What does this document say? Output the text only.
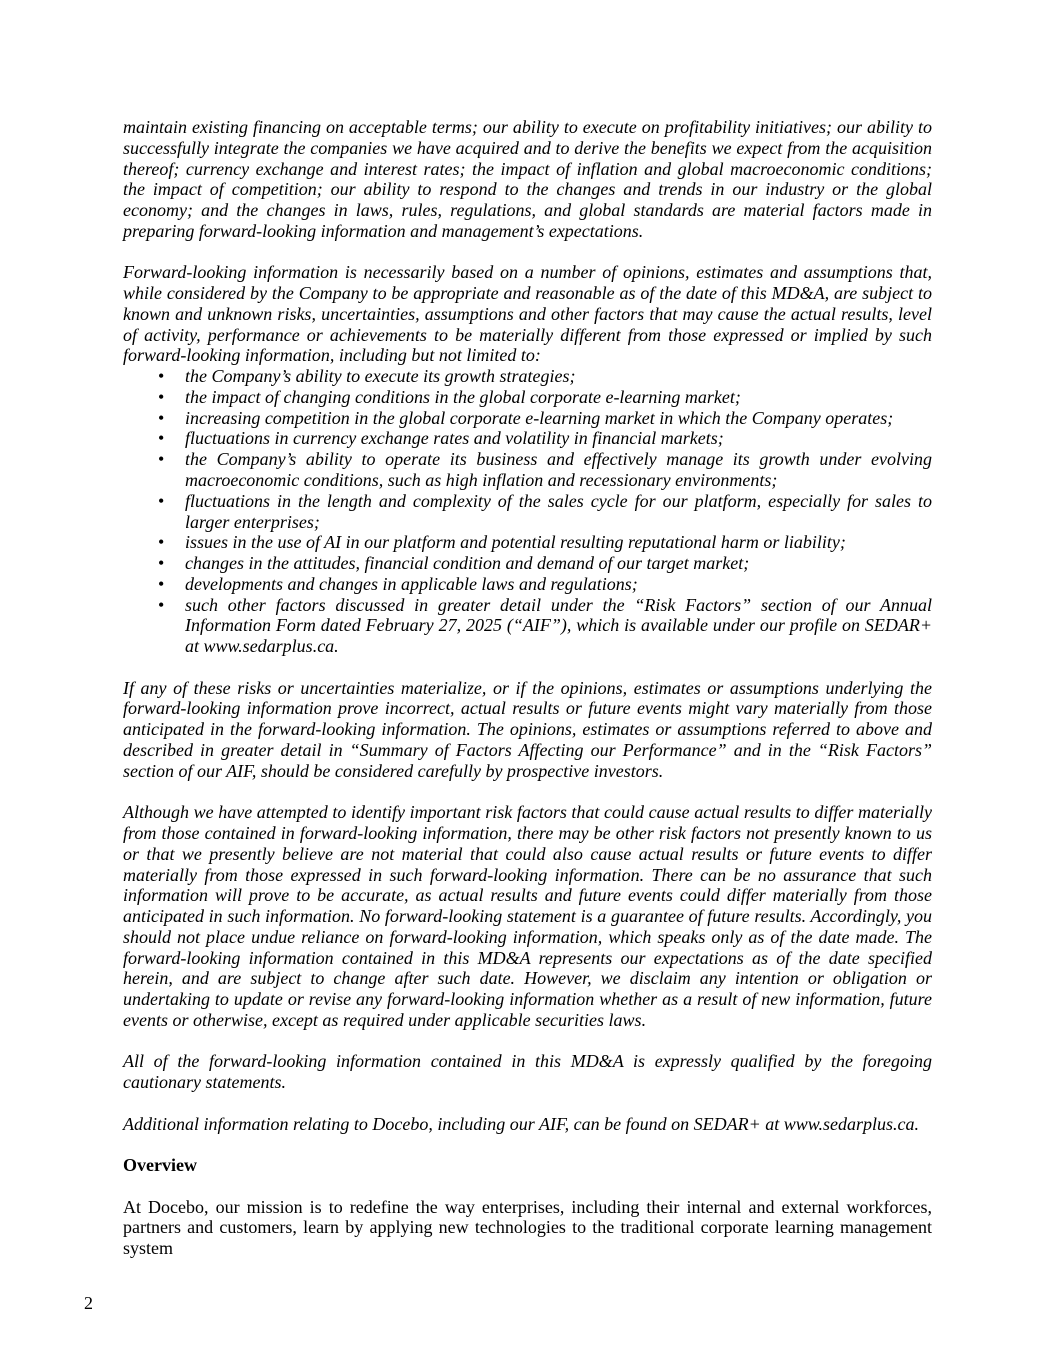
maintain existing financing on acceptable terms; our ability to execute on profitability initiatives; our ability to successfully integrate the companies we have acquired and to derive the benefits we expect from the acquisition thereof; currency exchange and interest rates; the impact of inflation and global macroeconomic conditions; the impact of competition; our ability to respond to the changes and trends in our industry or the global economy; and the changes in laws, rules, regulations, and global standards are material factors made in preparing forward-looking information and management’s expectations.

Forward-looking information is necessarily based on a number of opinions, estimates and assumptions that, while considered by the Company to be appropriate and reasonable as of the date of this MD&A, are subject to known and unknown risks, uncertainties, assumptions and other factors that may cause the actual results, level of activity, performance or achievements to be materially different from those expressed or implied by such forward-looking information, including but not limited to:

• the Company’s ability to execute its growth strategies;
• the impact of changing conditions in the global corporate e-learning market;
• increasing competition in the global corporate e-learning market in which the Company operates;
• fluctuations in currency exchange rates and volatility in financial markets;
• the Company’s ability to operate its business and effectively manage its growth under evolving macroeconomic conditions, such as high inflation and recessionary environments;
• fluctuations in the length and complexity of the sales cycle for our platform, especially for sales to larger enterprises;
• issues in the use of AI in our platform and potential resulting reputational harm or liability;
• changes in the attitudes, financial condition and demand of our target market;
• developments and changes in applicable laws and regulations;
• such other factors discussed in greater detail under the “Risk Factors” section of our Annual Information Form dated February 27, 2025 (“AIF”), which is available under our profile on SEDAR+ at www.sedarplus.ca.

If any of these risks or uncertainties materialize, or if the opinions, estimates or assumptions underlying the forward-looking information prove incorrect, actual results or future events might vary materially from those anticipated in the forward-looking information. The opinions, estimates or assumptions referred to above and described in greater detail in “Summary of Factors Affecting our Performance” and in the “Risk Factors” section of our AIF, should be considered carefully by prospective investors.

Although we have attempted to identify important risk factors that could cause actual results to differ materially from those contained in forward-looking information, there may be other risk factors not presently known to us or that we presently believe are not material that could also cause actual results or future events to differ materially from those expressed in such forward-looking information. There can be no assurance that such information will prove to be accurate, as actual results and future events could differ materially from those anticipated in such information. No forward-looking statement is a guarantee of future results. Accordingly, you should not place undue reliance on forward-looking information, which speaks only as of the date made. The forward-looking information contained in this MD&A represents our expectations as of the date specified herein, and are subject to change after such date. However, we disclaim any intention or obligation or undertaking to update or revise any forward-looking information whether as a result of new information, future events or otherwise, except as required under applicable securities laws.

All of the forward-looking information contained in this MD&A is expressly qualified by the foregoing cautionary statements.

Additional information relating to Docebo, including our AIF, can be found on SEDAR+ at www.sedarplus.ca.

Overview

At Docebo, our mission is to redefine the way enterprises, including their internal and external workforces, partners and customers, learn by applying new technologies to the traditional corporate learning management system

2
